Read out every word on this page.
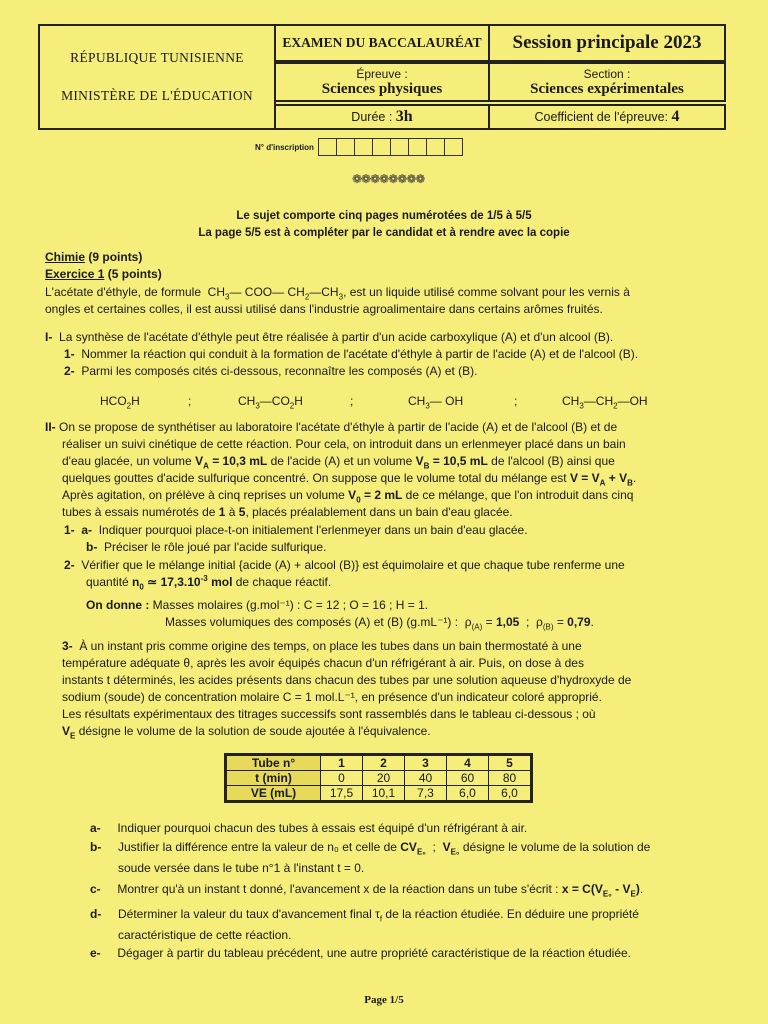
RÉPUBLIQUE TUNISIENNE
MINISTÈRE DE L'ÉDUCATION
EXAMEN DU BACCALAURÉAT	Session principale 2023
Épreuve :
Sciences physiques
Section :
Sciences expérimentales
Durée :
3h	Coefficient de l'épreuve:
4
N° d'inscription
❁❁❁❁❁❁❁❁
Le sujet comporte cinq pages numérotées de 1/5 à 5/5
La page 5/5 est à compléter par le candidat et à rendre avec la copie
Chimie (9 points)
Exercice 1 (5 points)
L'acétate d'éthyle, de formule  $CH_3—$ COO— $CH_2—CH_3$, est un liquide utilisé comme solvant pour les vernis à
ongles et certaines colles, il est aussi utilisé dans l'industrie agroalimentaire dans certains arômes fruités.
I- La synthèse de l'acétate d'éthyle peut être réalisée à partir d'un acide carboxylique (A) et d'un alcool (B).
1- Nommer la réaction qui conduit à la formation de l'acétate d'éthyle à partir de l'acide (A) et de l'alcool (B).
2- Parmi les composés cités ci-dessous, reconnaître les composés (A) et (B).
$HCO_2H$	;	$CH_3—CO_2H$	;	$CH_3—$ OH	;	$CH_3—CH_2—OH$
II- On se propose de synthétiser au laboratoire l'acétate d'éthyle à partir de l'acide (A) et de l'alcool (B) et de
réaliser un suivi cinétique de cette réaction. Pour cela, on introduit dans un erlenmeyer placé dans un bain
d'eau glacée, un volume $V_A = 10,3$ mL de l'acide (A) et un volume $V_B = 10,5$ mL de l'alcool (B) ainsi que
quelques gouttes d'acide sulfurique concentré. On suppose que le volume total du mélange est $V = V_A + V_B$.
Après agitation, on prélève à cinq reprises un volume $V_0 = 2$ mL de ce mélange, que l'on introduit dans cinq
tubes à essais numérotés de 1 à 5, placés préalablement dans un bain d'eau glacée.
1- a- Indiquer pourquoi place-t-on initialement l'erlenmeyer dans un bain d'eau glacée.
b- Préciser le rôle joué par l'acide sulfurique.
2- Vérifier que le mélange initial {acide (A) + alcool (B)} est équimolaire et que chaque tube renferme une
quantité $n_0$ ≃ $17,3.10^{-3}$ mol de chaque réactif.
On donne : Masses molaires (g.mol⁻¹) : C = 12 ; O = 16 ; H = 1.
Masses volumiques des composés (A) et (B) (g.mL⁻¹) :  $\rho_{(A)} = 1,05$  ;  $\rho_{(B)} = 0,79$.
3- À un instant pris comme origine des temps, on place les tubes dans un bain thermostaté à une
température adéquate θ, après les avoir équipés chacun d'un réfrigérant à air. Puis, on dose à des
instants t déterminés, les acides présents dans chacun des tubes par une solution aqueuse d'hydroxyde de
sodium (soude) de concentration molaire C = 1 mol.L⁻¹, en présence d'un indicateur coloré approprié.
Les résultats expérimentaux des titrages successifs sont rassemblés dans le tableau ci-dessous ; où
$V_E$ désigne le volume de la solution de soude ajoutée à l'équivalence.
Tube n°	1	2	3	4	5
t (min)	0	20	40	60	80
VE (mL)	17,5	10,1	7,3	6,0	6,0
a- Indiquer pourquoi chacun des tubes à essais est équipé d'un réfrigérant à air.
b- Justifier la différence entre la valeur de n₀ et celle de $CV_{E_0}$  ;  $V_{E_0}$ désigne le volume de la solution de
soude versée dans le tube n°1 à l'instant t = 0.
c- Montrer qu'à un instant t donné, l'avancement x de la réaction dans un tube s'écrit : $x = C(V_{E_0} - V_E)$.
d- Déterminer la valeur du taux d'avancement final $\tau_f$ de la réaction étudiée. En déduire une propriété
caractéristique de cette réaction.
e- Dégager à partir du tableau précédent, une autre propriété caractéristique de la réaction étudiée.
Page 1/5
